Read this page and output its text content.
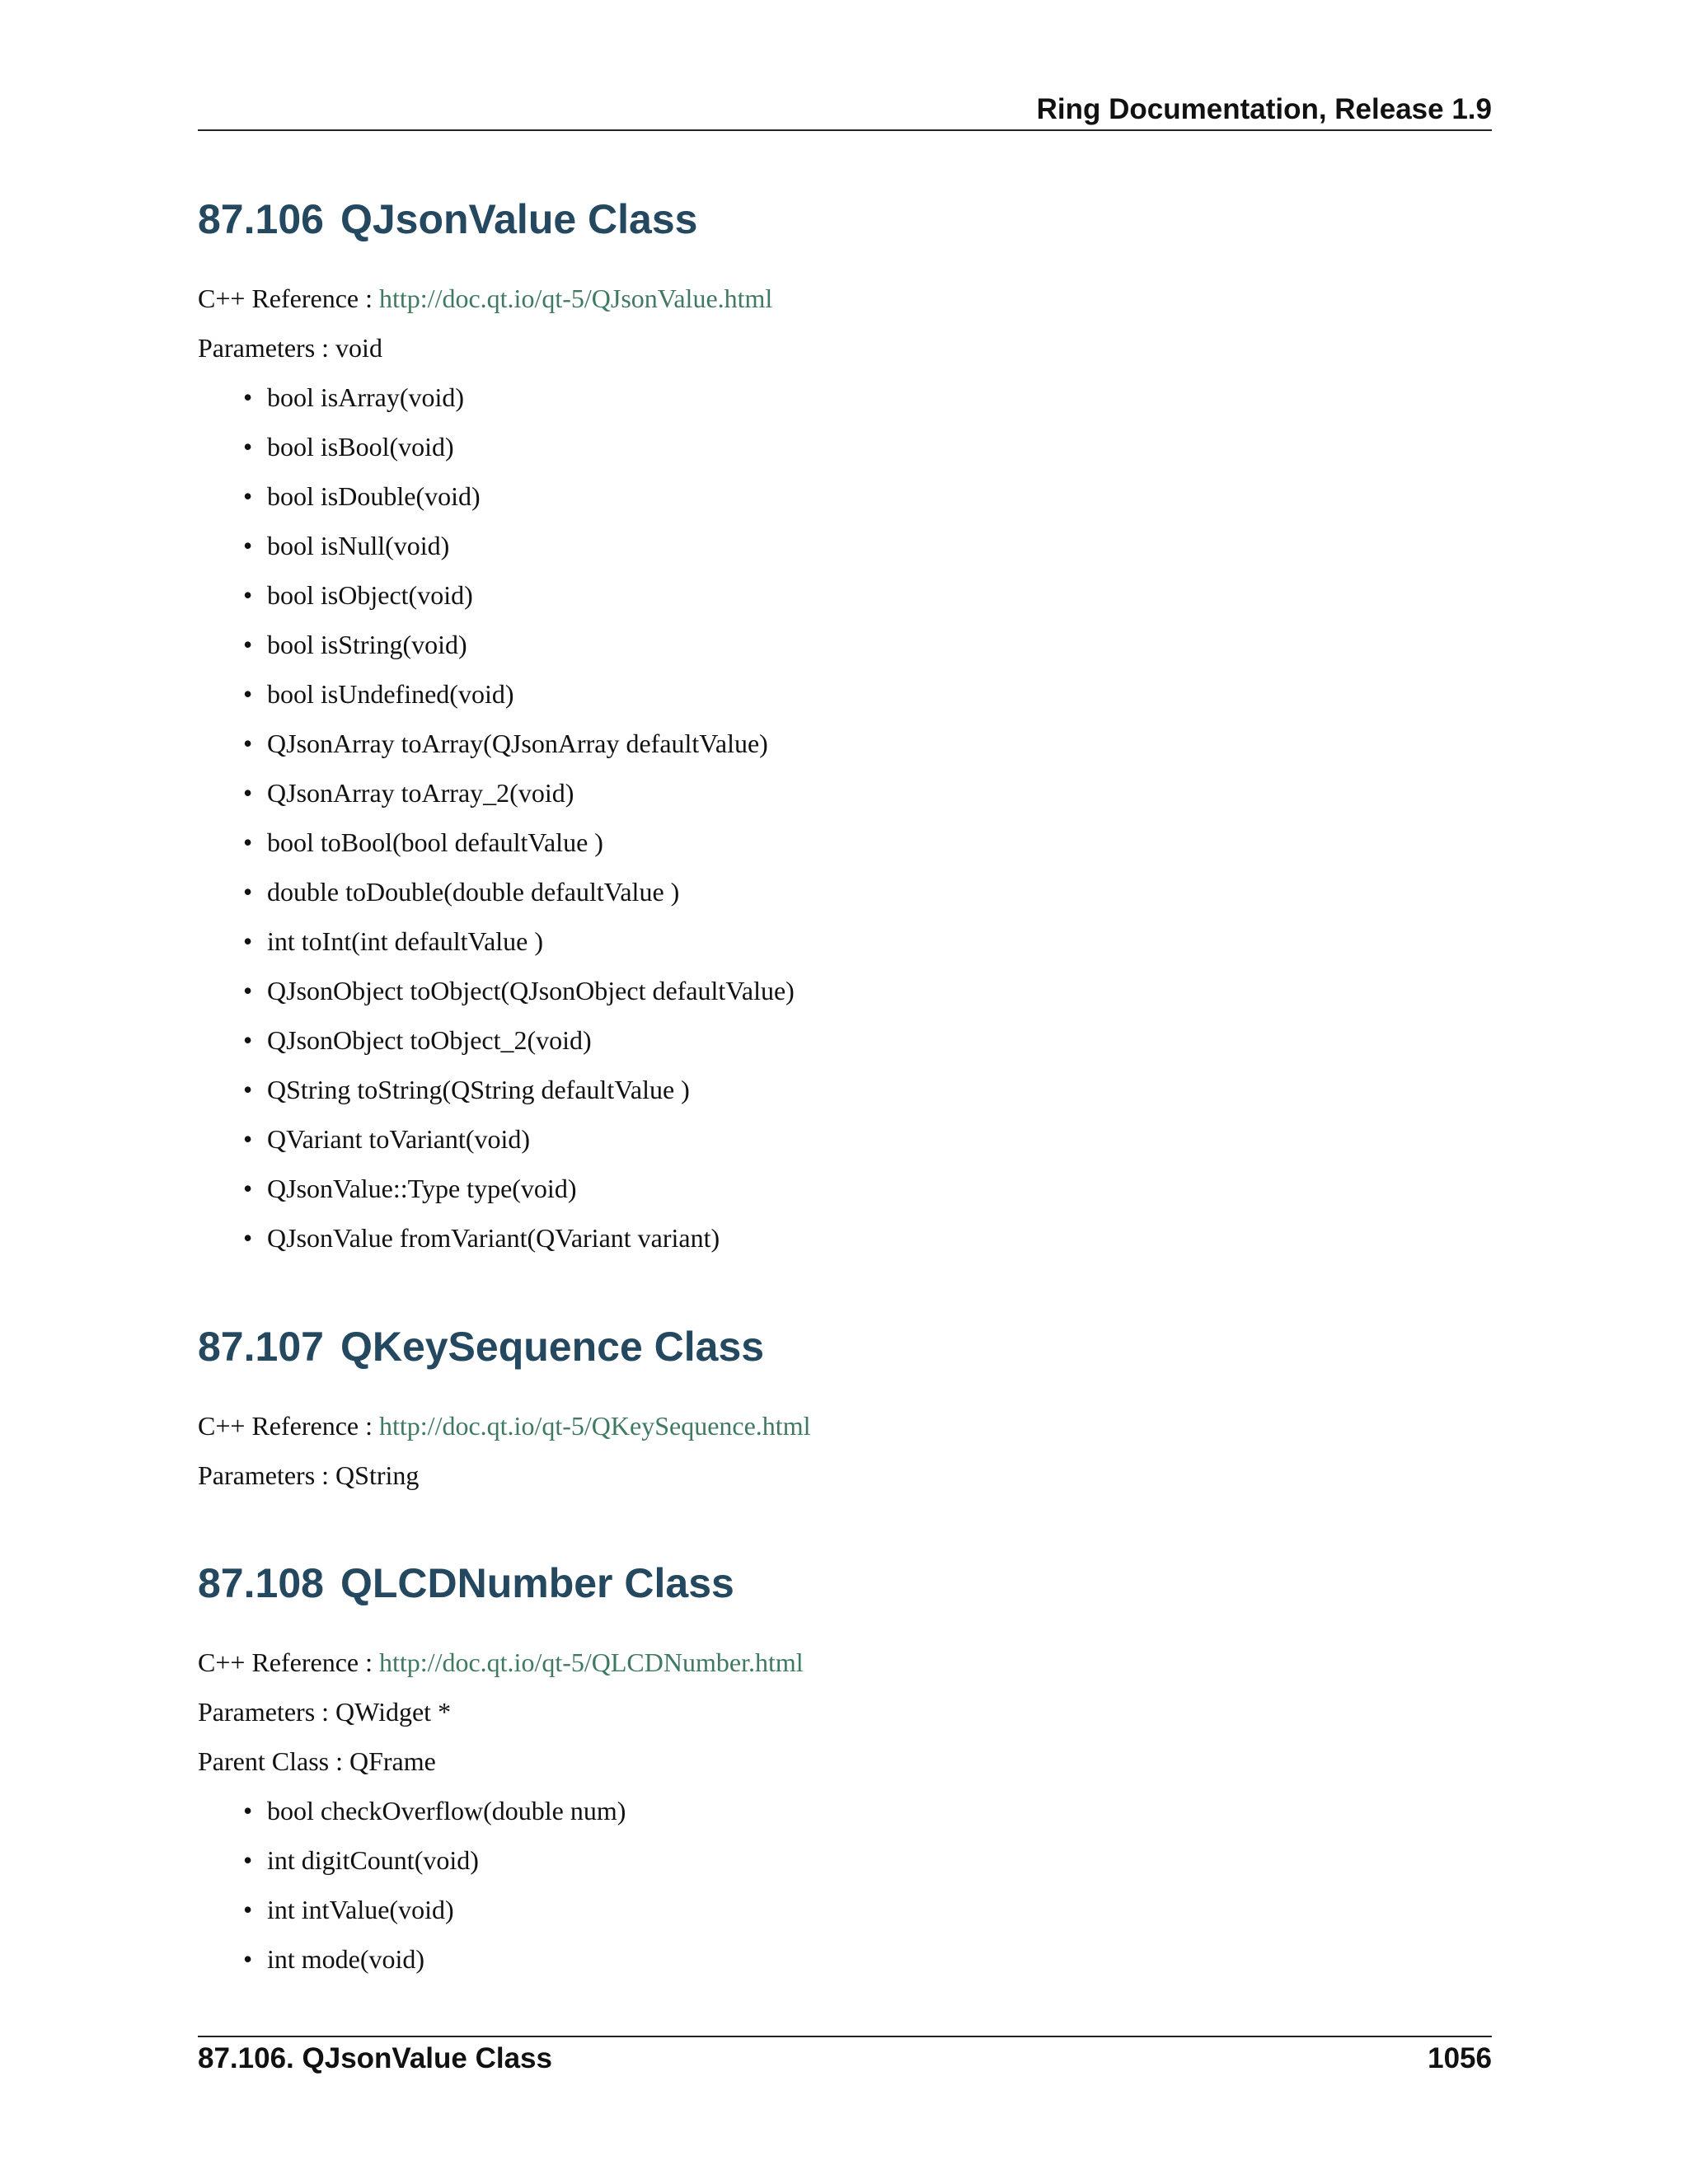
Ring Documentation, Release 1.9
87.106 QJsonValue Class
C++ Reference : http://doc.qt.io/qt-5/QJsonValue.html
Parameters : void
• bool isArray(void)
• bool isBool(void)
• bool isDouble(void)
• bool isNull(void)
• bool isObject(void)
• bool isString(void)
• bool isUndefined(void)
• QJsonArray toArray(QJsonArray defaultValue)
• QJsonArray toArray_2(void)
• bool toBool(bool defaultValue )
• double toDouble(double defaultValue )
• int toInt(int defaultValue )
• QJsonObject toObject(QJsonObject defaultValue)
• QJsonObject toObject_2(void)
• QString toString(QString defaultValue )
• QVariant toVariant(void)
• QJsonValue::Type type(void)
• QJsonValue fromVariant(QVariant variant)
87.107 QKeySequence Class
C++ Reference : http://doc.qt.io/qt-5/QKeySequence.html
Parameters : QString
87.108 QLCDNumber Class
C++ Reference : http://doc.qt.io/qt-5/QLCDNumber.html
Parameters : QWidget *
Parent Class : QFrame
• bool checkOverflow(double num)
• int digitCount(void)
• int intValue(void)
• int mode(void)
87.106. QJsonValue Class	1056
